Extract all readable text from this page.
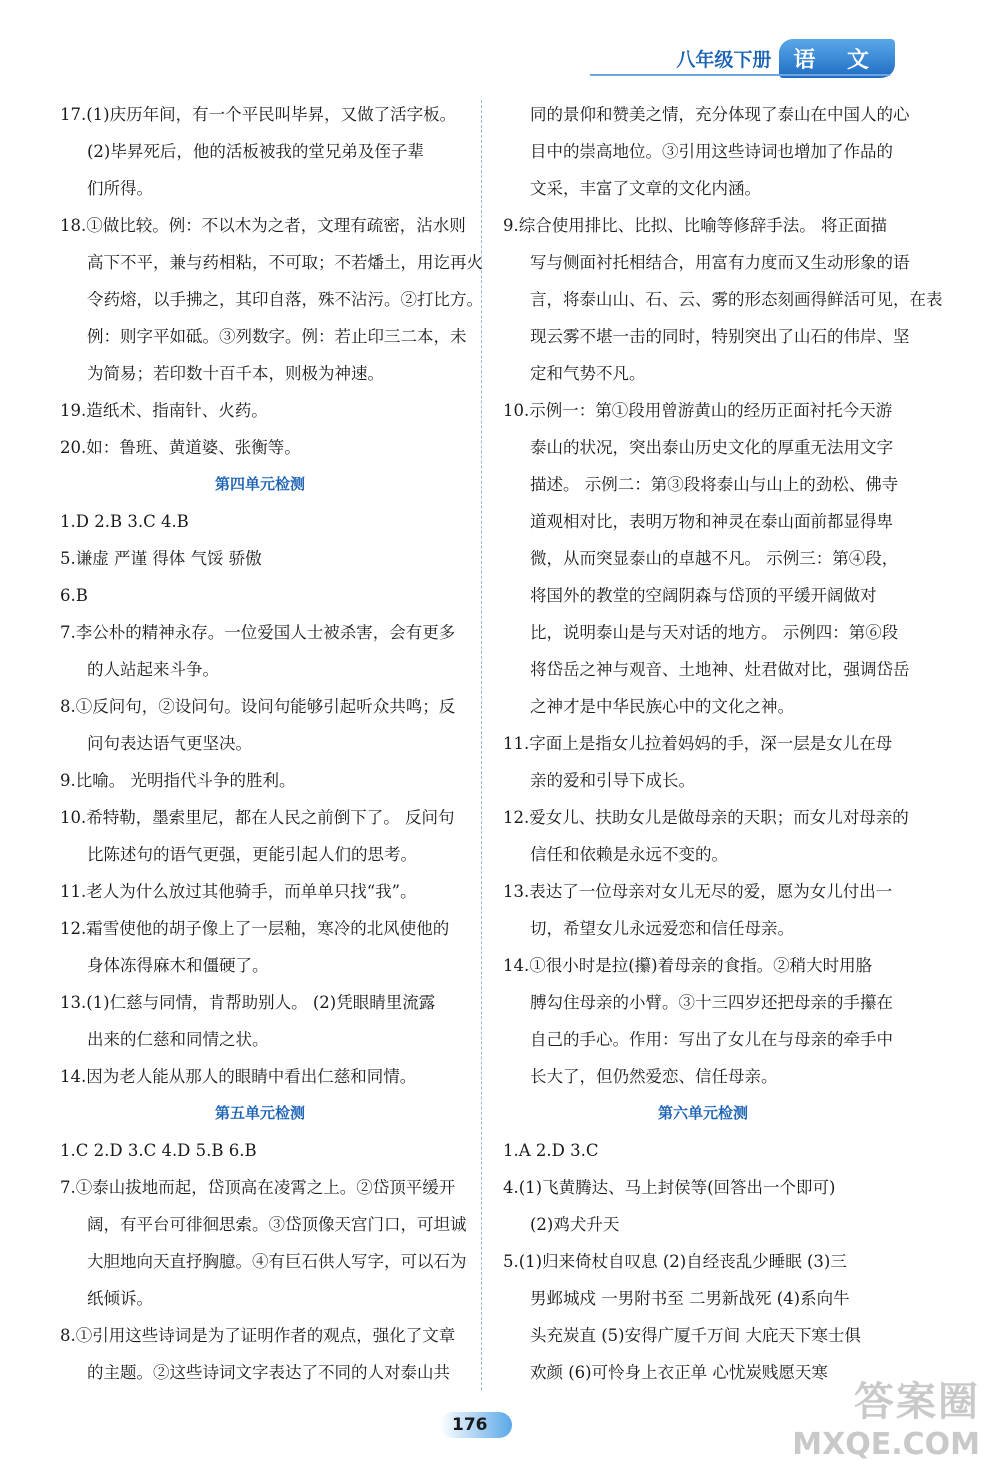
八年级下册	语 文
17.(1)庆历年间，有一个平民叫毕昇，又做了活字板。
(2)毕昇死后，他的活板被我的堂兄弟及侄子辈
们所得。
18.①做比较。例：不以木为之者，文理有疏密，沾水则
高下不平，兼与药相粘，不可取；不若燔土，用讫再火
令药熔，以手拂之，其印自落，殊不沾污。②打比方。
例：则字平如砥。③列数字。例：若止印三二本，未
为简易；若印数十百千本，则极为神速。
19.造纸术、指南针、火药。
20.如：鲁班、黄道婆、张衡等。
第四单元检测
1.D 2.B 3.C 4.B
5.谦虚 严谨 得体 气馁 骄傲
6.B
7.李公朴的精神永存。一位爱国人士被杀害，会有更多
的人站起来斗争。
8.①反问句，②设问句。设问句能够引起听众共鸣；反
问句表达语气更坚决。
9.比喻。 光明指代斗争的胜利。
10.希特勒，墨索里尼，都在人民之前倒下了。 反问句
比陈述句的语气更强，更能引起人们的思考。
11.老人为什么放过其他骑手，而单单只找“我”。
12.霜雪使他的胡子像上了一层釉，寒冷的北风使他的
身体冻得麻木和僵硬了。
13.(1)仁慈与同情，肯帮助别人。 (2)凭眼睛里流露
出来的仁慈和同情之状。
14.因为老人能从那人的眼睛中看出仁慈和同情。
第五单元检测
1.C 2.D 3.C 4.D 5.B 6.B
7.①泰山拔地而起，岱顶高在凌霄之上。②岱顶平缓开
阔，有平台可徘徊思索。③岱顶像天宫门口，可坦诚
大胆地向天直抒胸臆。④有巨石供人写字，可以石为
纸倾诉。
8.①引用这些诗词是为了证明作者的观点，强化了文章
的主题。②这些诗词文字表达了不同的人对泰山共
同的景仰和赞美之情，充分体现了泰山在中国人的心
目中的崇高地位。③引用这些诗词也增加了作品的
文采，丰富了文章的文化内涵。
9.综合使用排比、比拟、比喻等修辞手法。 将正面描
写与侧面衬托相结合，用富有力度而又生动形象的语
言，将泰山山、石、云、雾的形态刻画得鲜活可见，在表
现云雾不堪一击的同时，特别突出了山石的伟岸、坚
定和气势不凡。
10.示例一：第①段用曾游黄山的经历正面衬托今天游
泰山的状况，突出泰山历史文化的厚重无法用文字
描述。 示例二：第③段将泰山与山上的劲松、佛寺
道观相对比，表明万物和神灵在泰山面前都显得卑
微，从而突显泰山的卓越不凡。 示例三：第④段，
将国外的教堂的空阔阴森与岱顶的平缓开阔做对
比，说明泰山是与天对话的地方。 示例四：第⑥段
将岱岳之神与观音、土地神、灶君做对比，强调岱岳
之神才是中华民族心中的文化之神。
11.字面上是指女儿拉着妈妈的手，深一层是女儿在母
亲的爱和引导下成长。
12.爱女儿、扶助女儿是做母亲的天职；而女儿对母亲的
信任和依赖是永远不变的。
13.表达了一位母亲对女儿无尽的爱，愿为女儿付出一
切，希望女儿永远爱恋和信任母亲。
14.①很小时是拉(攥)着母亲的食指。②稍大时用胳
膊勾住母亲的小臂。③十三四岁还把母亲的手攥在
自己的手心。作用：写出了女儿在与母亲的牵手中
长大了，但仍然爱恋、信任母亲。
第六单元检测
1.A 2.D 3.C
4.(1)飞黄腾达、马上封侯等(回答出一个即可)
(2)鸡犬升天
5.(1)归来倚杖自叹息 (2)自经丧乱少睡眠 (3)三
男邺城戍 一男附书至 二男新战死 (4)系向牛
头充炭直 (5)安得广厦千万间 大庇天下寒士俱
欢颜 (6)可怜身上衣正单 心忧炭贱愿天寒
176	答案圈
MXQE.COM
